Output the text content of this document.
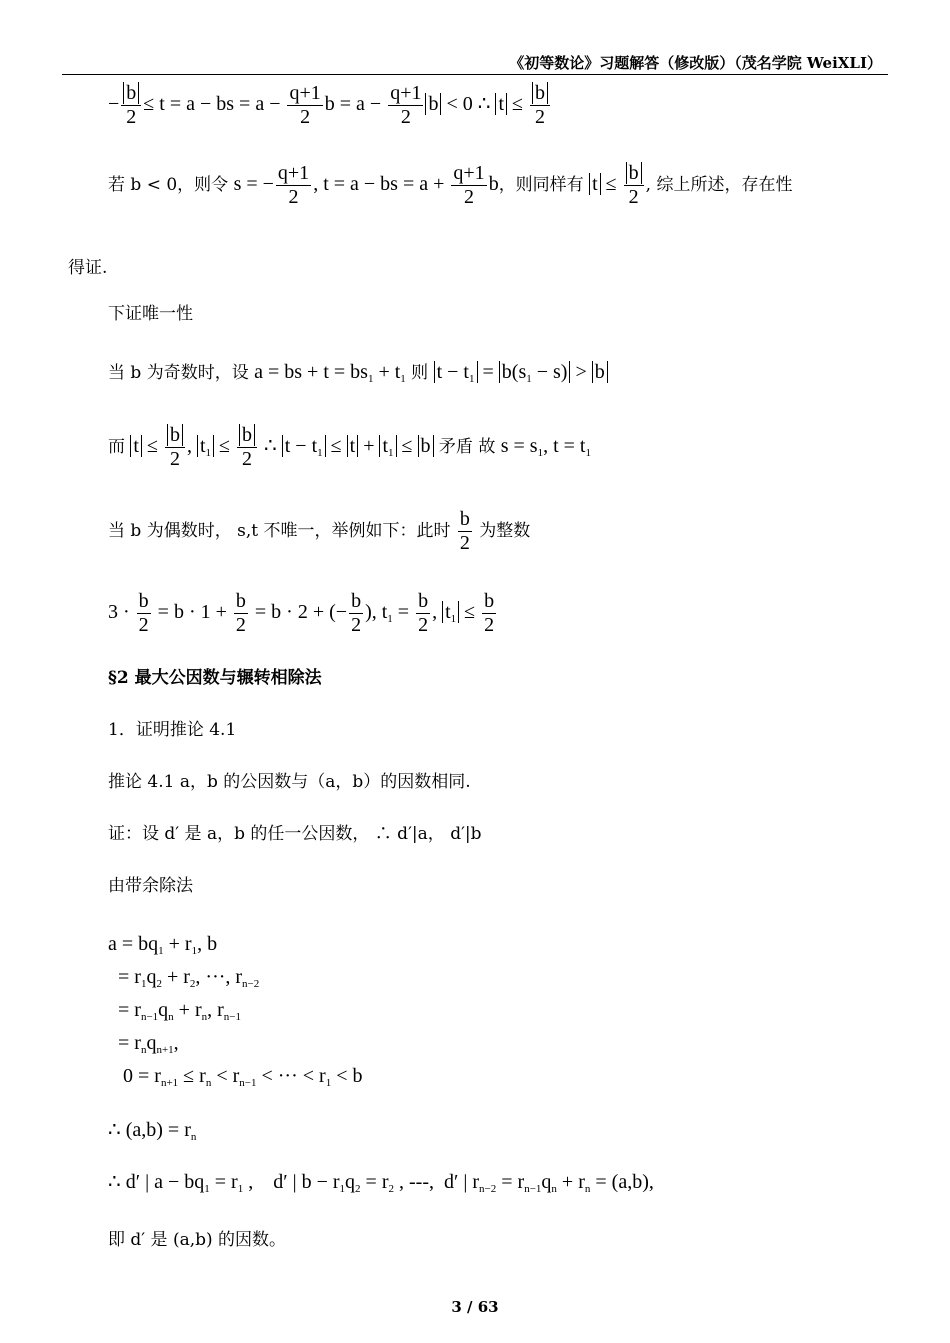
《初等数论》习题解答（修改版）（茂名学院 WeiXLI）
− $\frac{b}{2} \le t = a$ − bs = $a - \frac{q+1}{2}$ $b = a - \frac{q+1}{2}$ b < 0 ∴ $t \le \frac{b}{2}$
若 b < 0，则令 s = − $\frac{q+1}{2}$ , t = a − bs = $a + \frac{q+1}{2}$ b，则同样有 $t \le \frac{b}{2}$ , 综上所述，存在性
得证.
下证唯一性
当 b 为奇数时，设 a = bs + $t = bs_1 + t_1$ 则 $t - t_1 = b(s_1 - s) > b$
而 $t \le \frac{b}{2}$ , $t_1 \le \frac{b}{2}$ ∴ $t - t_1 \le t + t_1 \le b$ 矛盾 故 $s = s_1$, $t = t_1$
当 b 为偶数时， s,t 不唯一，举例如下：此时 $\frac{b}{2}$ 为整数
$3 \cdot \frac{b}{2} = b \cdot 1 + \frac{b}{2} = b \cdot 2$ + (− $\frac{b}{2}$ ), $t_1 = \frac{b}{2}$ , $t_1 \le \frac{b}{2}$
§2 最大公因数与辗转相除法
1．证明推论 4.1
推论 4.1 a，b 的公因数与（a，b）的因数相同.
证：设 d′ 是 a，b 的任一公因数， ∴ d′|a， d′|b
由带余除法
$a = bq_1 + r_1$, b
= $r_1q_2 + r_2$, ···, $r_{n-2}$
= $r_{n-1}q_n + r_n$, $r_{n-1}$
= $r_nq_{n+1}$,
$0 = r_{n+1} \le r_n < r_{n-1}$ < ··· < $r_1 < b$
∴ $(a,b) = r_n$
∴ d′ | $a - bq_1 = r_1$ ,    d′ | $b - r_1q_2 = r_2$ , ---,  d′ | $r_{n-2} = r_{n-1}q_n + r_n = (a,b)$,
即 d′ 是 (a,b) 的因数。
3 / 63
